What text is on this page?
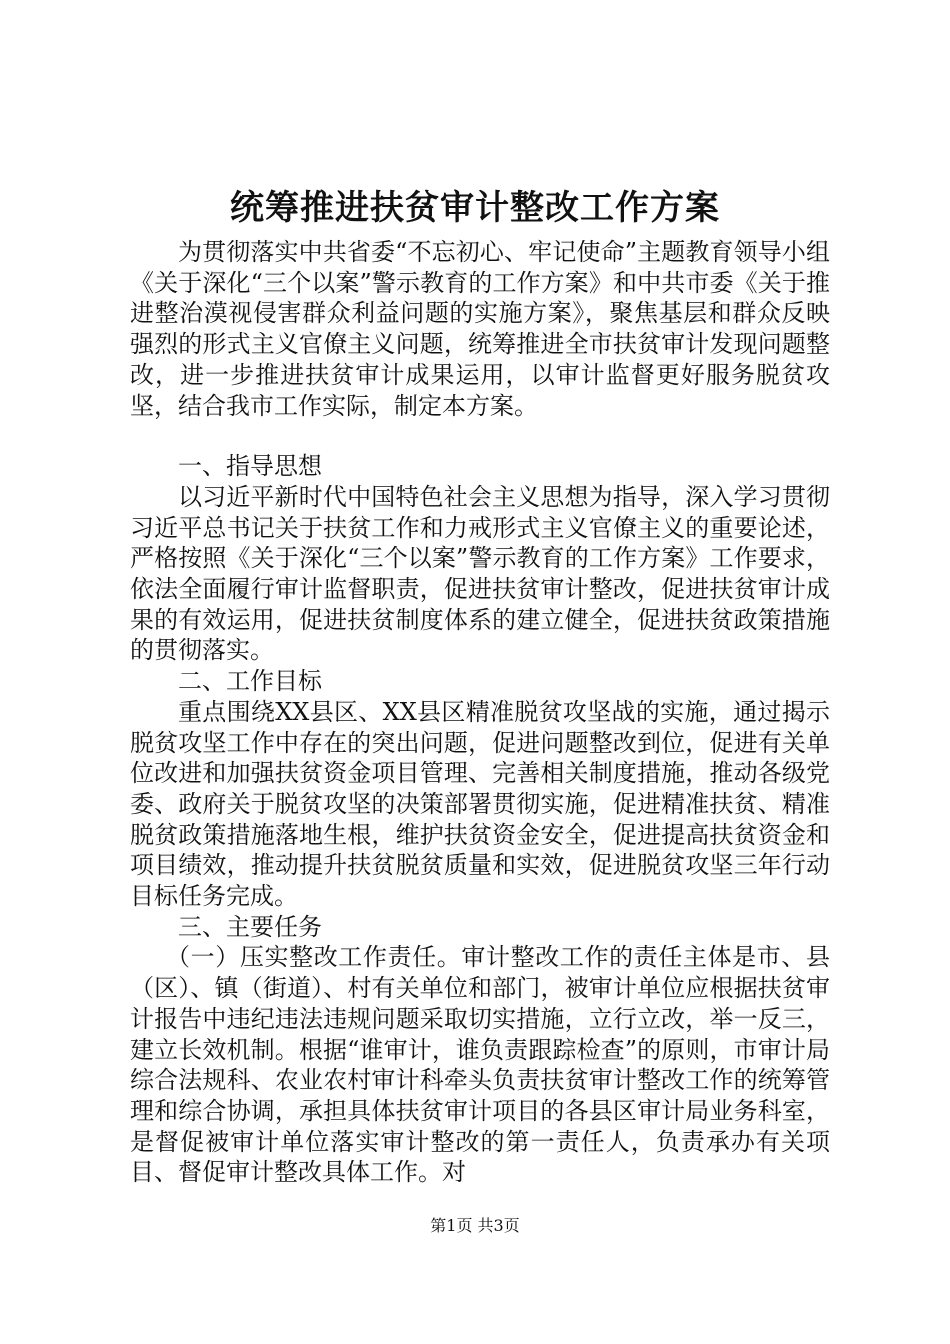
统筹推进扶贫审计整改工作方案

为贯彻落实中共省委“不忘初心、牢记使命”主题教育领导小组《关于深化“三个以案”警示教育的工作方案》和中共市委《关于推进整治漠视侵害群众利益问题的实施方案》，聚焦基层和群众反映强烈的形式主义官僚主义问题，统筹推进全市扶贫审计发现问题整改，进一步推进扶贫审计成果运用，以审计监督更好服务脱贫攻坚，结合我市工作实际，制定本方案。

一、指导思想

以习近平新时代中国特色社会主义思想为指导，深入学习贯彻习近平总书记关于扶贫工作和力戒形式主义官僚主义的重要论述，严格按照《关于深化“三个以案”警示教育的工作方案》工作要求，依法全面履行审计监督职责，促进扶贫审计整改，促进扶贫审计成果的有效运用，促进扶贫制度体系的建立健全，促进扶贫政策措施的贯彻落实。

二、工作目标

重点围绕XX县区、XX县区精准脱贫攻坚战的实施，通过揭示脱贫攻坚工作中存在的突出问题，促进问题整改到位，促进有关单位改进和加强扶贫资金项目管理、完善相关制度措施，推动各级党委、政府关于脱贫攻坚的决策部署贯彻实施，促进精准扶贫、精准脱贫政策措施落地生根，维护扶贫资金安全，促进提高扶贫资金和项目绩效，推动提升扶贫脱贫质量和实效，促进脱贫攻坚三年行动目标任务完成。

三、主要任务

（一）压实整改工作责任。审计整改工作的责任主体是市、县（区）、镇（街道）、村有关单位和部门，被审计单位应根据扶贫审计报告中违纪违法违规问题采取切实措施，立行立改，举一反三，建立长效机制。根据“谁审计，谁负责跟踪检查”的原则，市审计局综合法规科、农业农村审计科牵头负责扶贫审计整改工作的统筹管理和综合协调，承担具体扶贫审计项目的各县区审计局业务科室，是督促被审计单位落实审计整改的第一责任人，负责承办有关项目、督促审计整改具体工作。对

第1页 共3页
